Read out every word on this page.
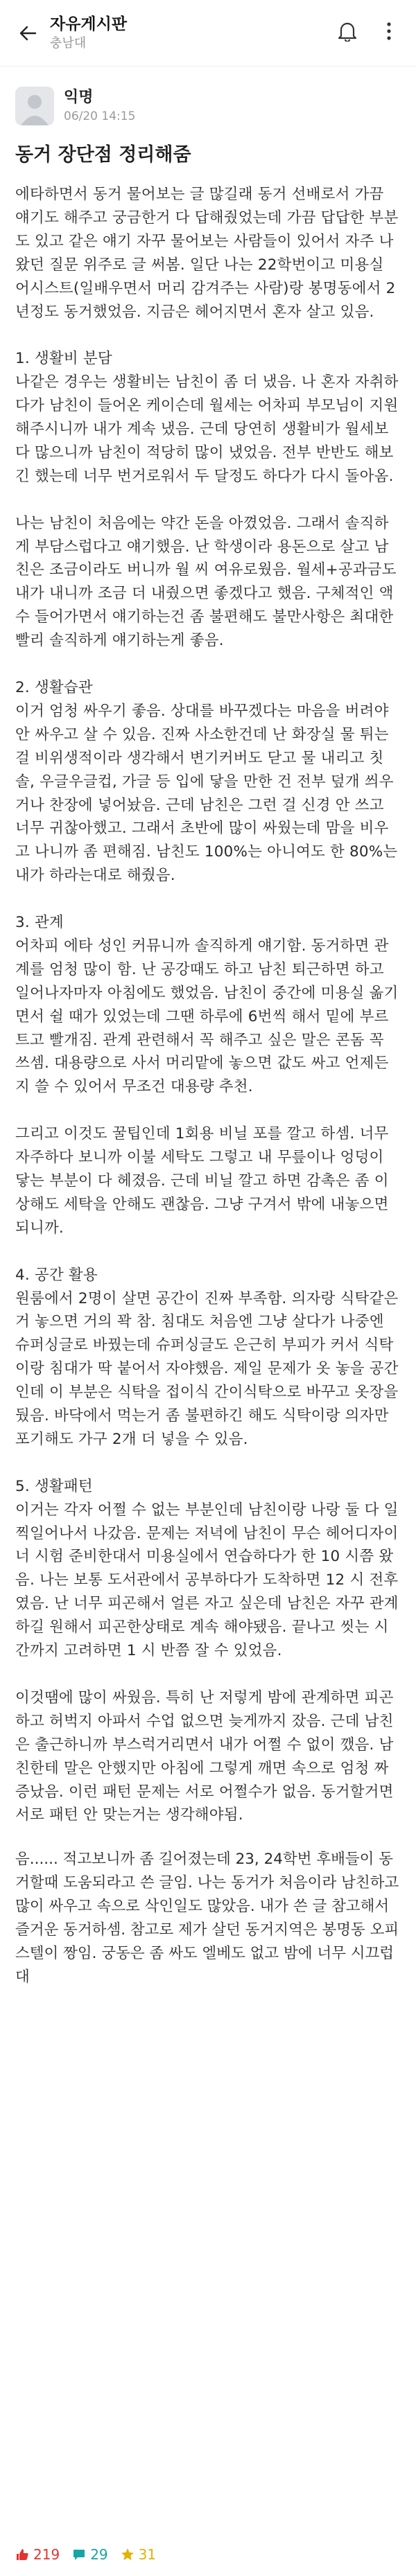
자유게시판
충남대
익명
06/20 14:15
동거 장단점 정리해줌

에타하면서 동거 물어보는 글 많길래 동거 선배로서 가끔 얘기도 해주고 궁금한거 다 답해줬었는데 가끔 답답한 부분도 있고 같은 얘기 자꾸 물어보는 사람들이 있어서 자주 나왔던 질문 위주로 글 써봄. 일단 나는 22학번이고 미용실 어시스트(일배우면서 머리 감겨주는 사람)랑 봉명동에서 2년정도 동거했었음. 지금은 헤어지면서 혼자 살고 있음.

1. 생활비 분담

나같은 경우는 생활비는 남친이 좀 더 냈음. 나 혼자 자취하다가 남친이 들어온 케이슨데 월세는 어차피 부모님이 지원해주시니까 내가 계속 냈음. 근데 당연히 생활비가 월세보다 많으니까 남친이 적당히 많이 냈었음. 전부 반반도 해보긴 했는데 너무 번거로워서 두 달정도 하다가 다시 돌아옴.

나는 남친이 처음에는 약간 돈을 아꼈었음. 그래서 솔직하게 부담스럽다고 얘기했음. 난 학생이라 용돈으로 살고 남친은 조금이라도 버니까 월 씨 여유로웠음. 월세+공과금도 내가 내니까 조금 더 내줬으면 좋겠다고 했음. 구체적인 액수 들어가면서 얘기하는건 좀 불편해도 불만사항은 최대한 빨리 솔직하게 얘기하는게 좋음.

2. 생활습관

이거 엄청 싸우기 좋음. 상대를 바꾸겠다는 마음을 버려야 안 싸우고 살 수 있음. 진짜 사소한건데 난 화장실 물 튀는걸 비위생적이라 생각해서 변기커버도 닫고 물 내리고 칫솔, 우글우글컵, 가글 등 입에 닿을 만한 건 전부 덮개 씌우거나 찬장에 넣어놨음. 근데 남친은 그런 걸 신경 안 쓰고 너무 귀찮아했고. 그래서 초반에 많이 싸웠는데 맘을 비우고 나니까 좀 편해짐. 남친도 100%는 아니여도 한 80%는 내가 하라는대로 해줬음.

3. 관계

어차피 에타 성인 커뮤니까 솔직하게 얘기함. 동거하면 관계를 엄청 많이 함. 난 공강때도 하고 남친 퇴근하면 하고 일어나자마자 아침에도 했었음. 남친이 중간에 미용실 옮기면서 쉴 때가 있었는데 그땐 하루에 6번씩 해서 밑에 부르트고 빨개짐. 관계 관련해서 꼭 해주고 싶은 말은 콘돔 꼭 쓰셈. 대용량으로 사서 머리맡에 놓으면 값도 싸고 언제든지 쓸 수 있어서 무조건 대용량 추천.

그리고 이것도 꿀팁인데 1회용 비닐 포를 깔고 하셈. 너무 자주하다 보니까 이불 세탁도 그렇고 내 무릎이나 엉덩이 닿는 부분이 다 헤졌음. 근데 비닐 깔고 하면 감촉은 좀 이상해도 세탁을 안해도 괜찮음. 그냥 구겨서 밖에 내놓으면 되니까.

4. 공간 활용

원룸에서 2명이 살면 공간이 진짜 부족함. 의자랑 식탁같은거 놓으면 거의 꽉 참. 침대도 처음엔 그냥 살다가 나중엔 슈퍼싱글로 바꿨는데 슈퍼싱글도 은근히 부피가 커서 식탁이랑 침대가 딱 붙어서 자야했음. 제일 문제가 옷 놓을 공간인데 이 부분은 식탁을 접이식 간이식탁으로 바꾸고 옷장을 뒀음. 바닥에서 먹는거 좀 불편하긴 해도 식탁이랑 의자만 포기해도 가구 2개 더 넣을 수 있음.

5. 생활패턴

이거는 각자 어쩔 수 없는 부분인데 남친이랑 나랑 둘 다 일찍일어나서 나갔음. 문제는 저녁에 남친이 무슨 헤어디자이너 시험 준비한대서 미용실에서 연습하다가 한 10 시쯤 왔음. 나는 보통 도서관에서 공부하다가 도착하면 12 시 전후였음. 난 너무 피곤해서 얼른 자고 싶은데 남친은 자꾸 관계하길 원해서 피곤한상태로 계속 해야됐음. 끝나고 씻는 시간까지 고려하면 1 시 반쯤 잘 수 있었음.

이것땜에 많이 싸웠음. 특히 난 저렇게 밤에 관계하면 피곤하고 허벅지 아파서 수업 없으면 늦게까지 잤음. 근데 남친은 출근하니까 부스럭거리면서 내가 어쩔 수 없이 깼음. 남친한테 말은 안했지만 아침에 그렇게 깨면 속으로 엄청 짜증났음. 이런 패턴 문제는 서로 어쩔수가 없음. 동거할거면 서로 패턴 안 맞는거는 생각해야됨.

음...... 적고보니까 좀 길어졌는데 23, 24학번 후배들이 동거할때 도움되라고 쓴 글임. 나는 동거가 처음이라 남친하고 많이 싸우고 속으로 삭인일도 많았음. 내가 쓴 글 참고해서 즐거운 동거하셈. 참고로 제가 살던 동거지역은 봉명동 오피스텔이 짱임. 궁동은 좀 싸도 엘베도 없고 밤에 너무 시끄럽대
219 29 31
